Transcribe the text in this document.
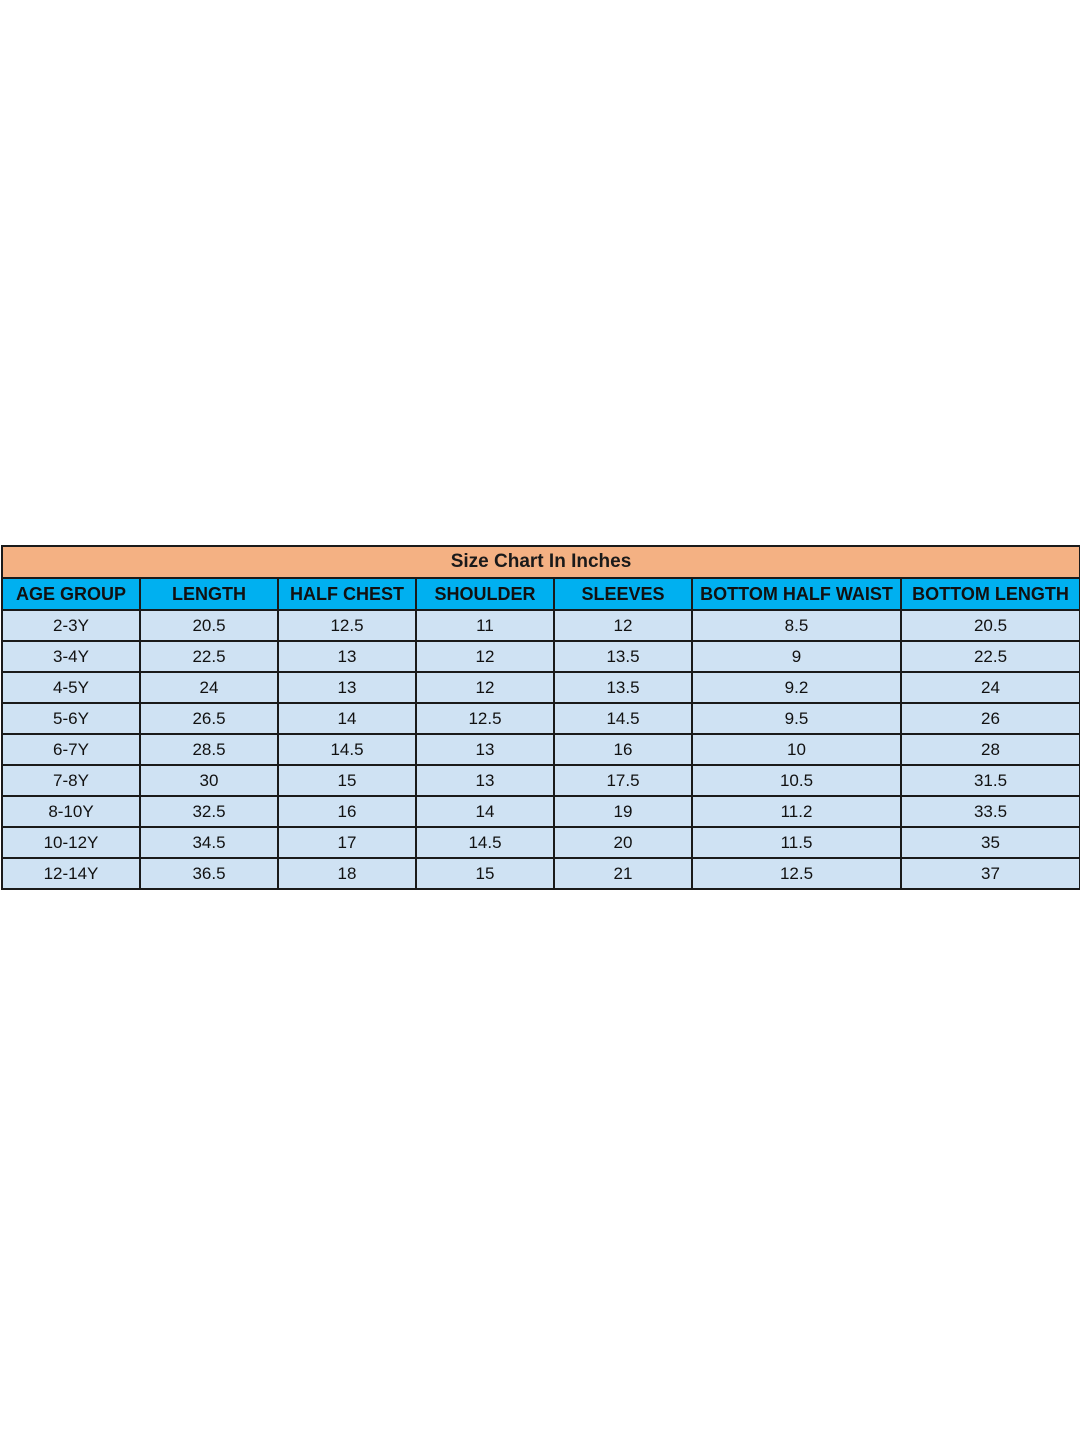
Size Chart In Inches						
AGE GROUP	LENGTH	HALF CHEST	SHOULDER	SLEEVES	BOTTOM HALF WAIST	BOTTOM LENGTH
2-3Y	20.5	12.5	11	12	8.5	20.5
3-4Y	22.5	13	12	13.5	9	22.5
4-5Y	24	13	12	13.5	9.2	24
5-6Y	26.5	14	12.5	14.5	9.5	26
6-7Y	28.5	14.5	13	16	10	28
7-8Y	30	15	13	17.5	10.5	31.5
8-10Y	32.5	16	14	19	11.2	33.5
10-12Y	34.5	17	14.5	20	11.5	35
12-14Y	36.5	18	15	21	12.5	37
